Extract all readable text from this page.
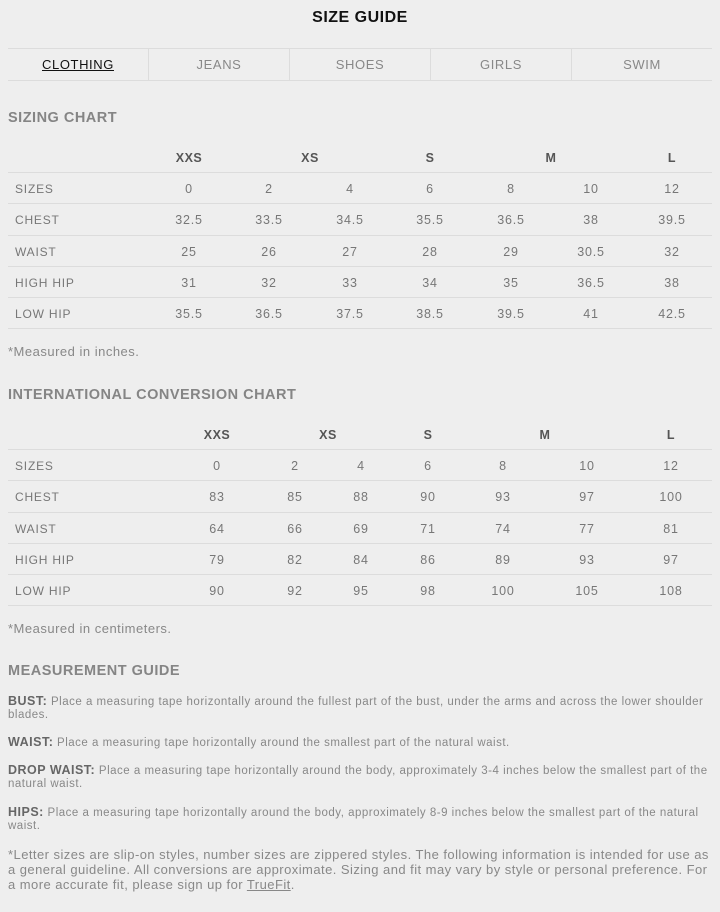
SIZE GUIDE
CLOTHING	JEANS	SHOES	GIRLS	SWIM
SIZING CHART
XXS	XS	S	M	L
SIZES	0	2	4	6	8	10	12
CHEST	32.5	33.5	34.5	35.5	36.5	38	39.5
WAIST	25	26	27	28	29	30.5	32
HIGH HIP	31	32	33	34	35	36.5	38
LOW HIP	35.5	36.5	37.5	38.5	39.5	41	42.5
*Measured in inches.
INTERNATIONAL CONVERSION CHART
XXS	XS	S	M	L
SIZES	0	2	4	6	8	10	12
CHEST	83	85	88	90	93	97	100
WAIST	64	66	69	71	74	77	81
HIGH HIP	79	82	84	86	89	93	97
LOW HIP	90	92	95	98	100	105	108
*Measured in centimeters.
MEASUREMENT GUIDE
BUST: Place a measuring tape horizontally around the fullest part of the bust, under the arms and across the lower shoulder blades.
WAIST: Place a measuring tape horizontally around the smallest part of the natural waist.
DROP WAIST: Place a measuring tape horizontally around the body, approximately 3-4 inches below the smallest part of the natural waist.
HIPS: Place a measuring tape horizontally around the body, approximately 8-9 inches below the smallest part of the natural waist.
*Letter sizes are slip-on styles, number sizes are zippered styles. The following information is intended for use as a general guideline. All conversions are approximate. Sizing and fit may vary by style or personal preference. For a more accurate fit, please sign up for TrueFit.
